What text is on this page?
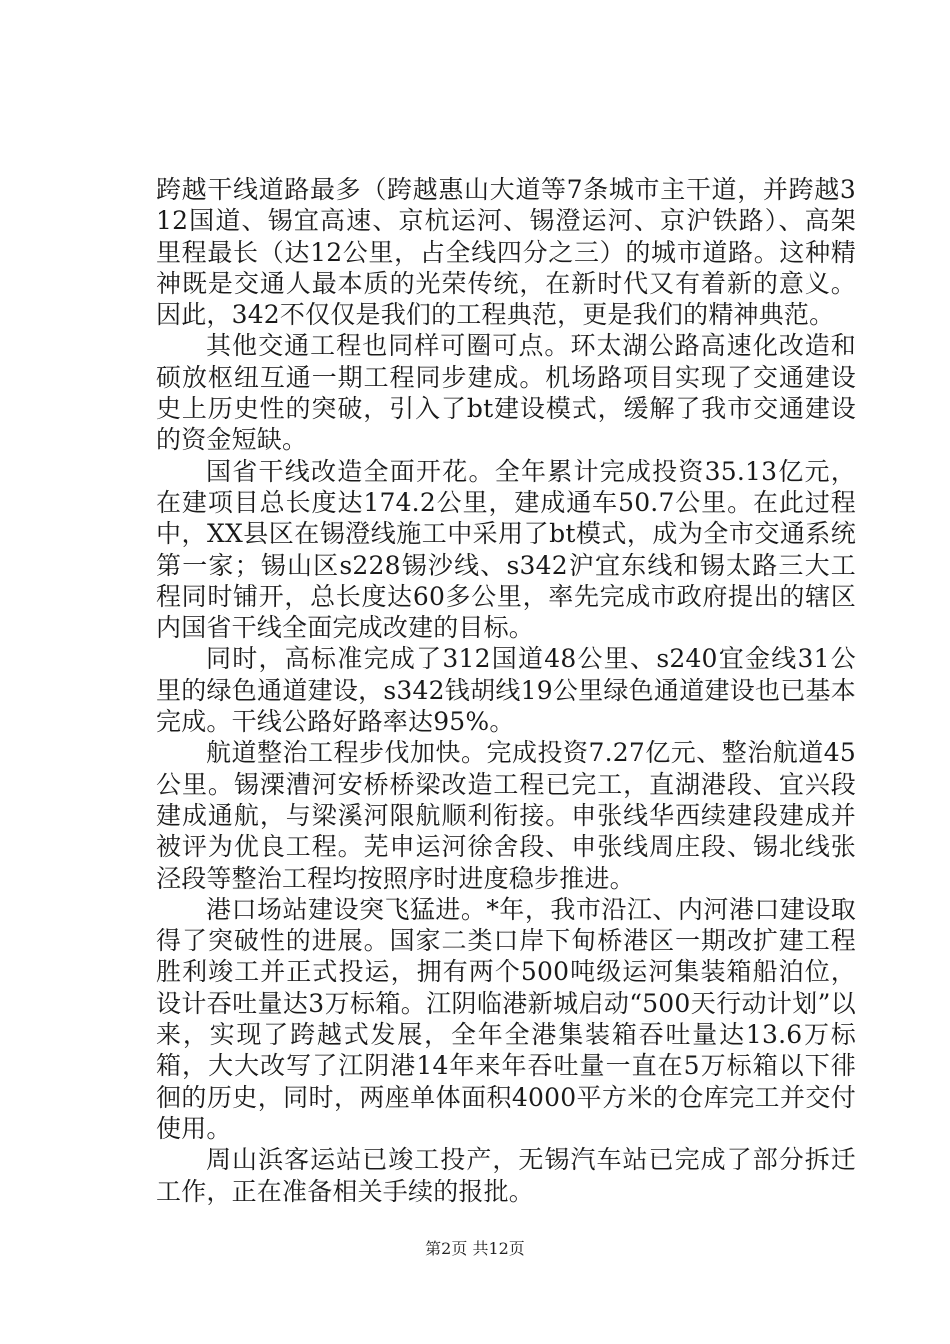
跨越干线道路最多（跨越惠山大道等7条城市主干道，并跨越312国道、锡宜高速、京杭运河、锡澄运河、京沪铁路）、高架里程最长（达12公里，占全线四分之三）的城市道路。这种精神既是交通人最本质的光荣传统，在新时代又有着新的意义。因此，342不仅仅是我们的工程典范，更是我们的精神典范。

其他交通工程也同样可圈可点。环太湖公路高速化改造和硕放枢纽互通一期工程同步建成。机场路项目实现了交通建设史上历史性的突破，引入了bt建设模式，缓解了我市交通建设的资金短缺。

国省干线改造全面开花。全年累计完成投资35.13亿元，在建项目总长度达174.2公里，建成通车50.7公里。在此过程中，XX县区在锡澄线施工中采用了bt模式，成为全市交通系统第一家；锡山区s228锡沙线、s342沪宜东线和锡太路三大工程同时铺开，总长度达60多公里，率先完成市政府提出的辖区内国省干线全面完成改建的目标。

同时，高标准完成了312国道48公里、s240宜金线31公里的绿色通道建设，s342钱胡线19公里绿色通道建设也已基本完成。干线公路好路率达95%。

航道整治工程步伐加快。完成投资7.27亿元、整治航道45公里。锡溧漕河安桥桥梁改造工程已完工，直湖港段、宜兴段建成通航，与梁溪河限航顺利衔接。申张线华西续建段建成并被评为优良工程。芜申运河徐舍段、申张线周庄段、锡北线张泾段等整治工程均按照序时进度稳步推进。

港口场站建设突飞猛进。*年，我市沿江、内河港口建设取得了突破性的进展。国家二类口岸下甸桥港区一期改扩建工程胜利竣工并正式投运，拥有两个500吨级运河集装箱船泊位，设计吞吐量达3万标箱。江阴临港新城启动“500天行动计划”以来，实现了跨越式发展，全年全港集装箱吞吐量达13.6万标箱，大大改写了江阴港14年来年吞吐量一直在5万标箱以下徘徊的历史，同时，两座单体面积4000平方米的仓库完工并交付使用。

周山浜客运站已竣工投产，无锡汽车站已完成了部分拆迁工作，正在准备相关手续的报批。

第2页 共12页
